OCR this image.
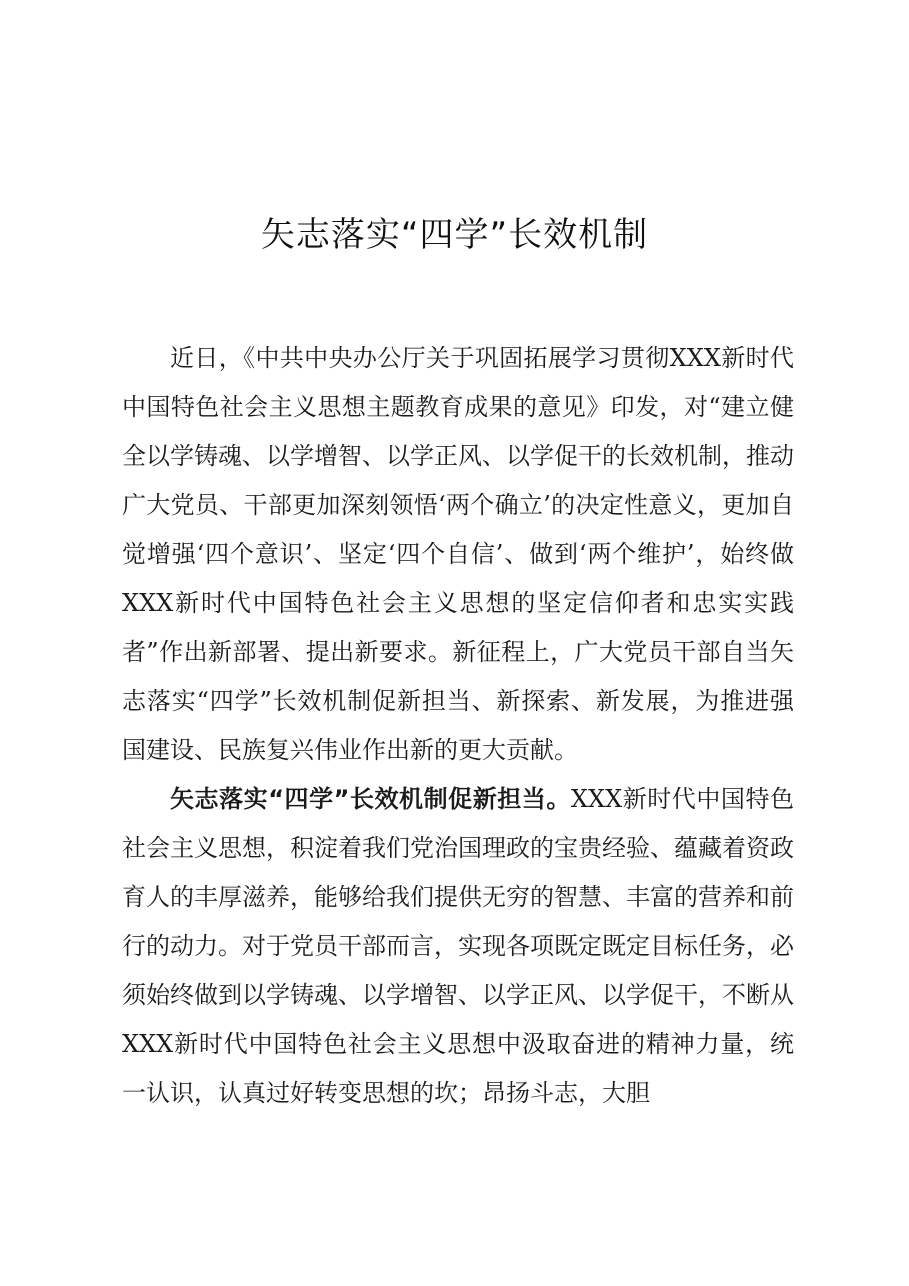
矢志落实“四学”长效机制

近日，《中共中央办公厅关于巩固拓展学习贯彻XXX新时代中国特色社会主义思想主题教育成果的意见》印发，对“建立健全以学铸魂、以学增智、以学正风、以学促干的长效机制，推动广大党员、干部更加深刻领悟‘两个确立’的决定性意义，更加自觉增强‘四个意识’、坚定‘四个自信’、做到‘两个维护’，始终做XXX新时代中国特色社会主义思想的坚定信仰者和忠实实践者”作出新部署、提出新要求。新征程上，广大党员干部自当矢志落实“四学”长效机制促新担当、新探索、新发展，为推进强国建设、民族复兴伟业作出新的更大贡献。

矢志落实“四学”长效机制促新担当。XXX新时代中国特色社会主义思想，积淀着我们党治国理政的宝贵经验、蕴藏着资政育人的丰厚滋养，能够给我们提供无穷的智慧、丰富的营养和前行的动力。对于党员干部而言，实现各项既定既定目标任务，必须始终做到以学铸魂、以学增智、以学正风、以学促干，不断从XXX新时代中国特色社会主义思想中汲取奋进的精神力量，统一认识，认真过好转变思想的坎；昂扬斗志，大胆
